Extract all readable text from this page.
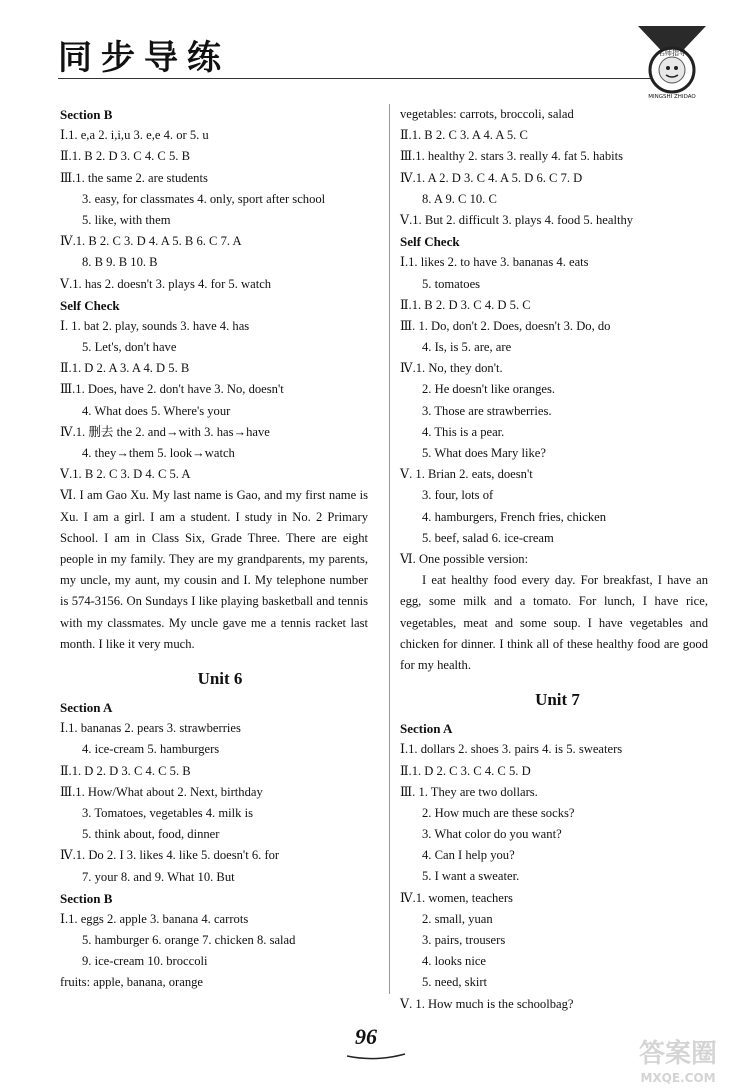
同步导练	名师指导
MINGSHI ZHIDAO
Section B
Ⅰ.1. e,a 2. i,i,u 3. e,e 4. or 5. u
Ⅱ.1. B 2. D 3. C 4. C 5. B
Ⅲ.1. the same 2. are students
3. easy, for classmates 4. only, sport after school
5. like, with them
Ⅳ.1. B 2. C 3. D 4. A 5. B 6. C 7. A
8. B 9. B 10. B
Ⅴ.1. has 2. doesn't 3. plays 4. for 5. watch
Self Check
Ⅰ. 1. bat 2. play, sounds 3. have 4. has
5. Let's, don't have
Ⅱ.1. D 2. A 3. A 4. D 5. B
Ⅲ.1. Does, have 2. don't have 3. No, doesn't
4. What does 5. Where's your
Ⅳ.1. 删去 the 2. and→with 3. has→have
4. they→them 5. look→watch
Ⅴ.1. B 2. C 3. D 4. C 5. A
Ⅵ. I am Gao Xu. My last name is Gao, and my first name is Xu. I am a girl. I am a student. I study in No. 2 Primary School. I am in Class Six, Grade Three. There are eight people in my family. They are my grandparents, my parents, my uncle, my aunt, my cousin and I. My telephone number is 574-3156. On Sundays I like playing basketball and tennis with my classmates. My uncle gave me a tennis racket last month. I like it very much.
Unit 6
Section A
Ⅰ.1. bananas 2. pears 3. strawberries
4. ice-cream 5. hamburgers
Ⅱ.1. D 2. D 3. C 4. C 5. B
Ⅲ.1. How/What about 2. Next, birthday
3. Tomatoes, vegetables 4. milk is
5. think about, food, dinner
Ⅳ.1. Do 2. I 3. likes 4. like 5. doesn't 6. for
7. your 8. and 9. What 10. But
Section B
Ⅰ.1. eggs 2. apple 3. banana 4. carrots
5. hamburger 6. orange 7. chicken 8. salad
9. ice-cream 10. broccoli
fruits: apple, banana, orange
vegetables: carrots, broccoli, salad
Ⅱ.1. B 2. C 3. A 4. A 5. C
Ⅲ.1. healthy 2. stars 3. really 4. fat 5. habits
Ⅳ.1. A 2. D 3. C 4. A 5. D 6. C 7. D
8. A 9. C 10. C
Ⅴ.1. But 2. difficult 3. plays 4. food 5. healthy
Self Check
Ⅰ.1. likes 2. to have 3. bananas 4. eats
5. tomatoes
Ⅱ.1. B 2. D 3. C 4. D 5. C
Ⅲ. 1. Do, don't 2. Does, doesn't 3. Do, do
4. Is, is 5. are, are
Ⅳ.1. No, they don't.
2. He doesn't like oranges.
3. Those are strawberries.
4. This is a pear.
5. What does Mary like?
Ⅴ. 1. Brian 2. eats, doesn't
3. four, lots of
4. hamburgers, French fries, chicken
5. beef, salad 6. ice-cream
Ⅵ. One possible version:
I eat healthy food every day. For breakfast, I have an egg, some milk and a tomato. For lunch, I have rice, vegetables, meat and some soup. I have vegetables and chicken for dinner. I think all of these healthy food are good for my health.
Unit 7
Section A
Ⅰ.1. dollars 2. shoes 3. pairs 4. is 5. sweaters
Ⅱ.1. D 2. C 3. C 4. C 5. D
Ⅲ. 1. They are two dollars.
2. How much are these socks?
3. What color do you want?
4. Can I help you?
5. I want a sweater.
Ⅳ.1. women, teachers
2. small, yuan
3. pairs, trousers
4. looks nice
5. need, skirt
Ⅴ. 1. How much is the schoolbag?
96
答案圈
MXQE.COM
